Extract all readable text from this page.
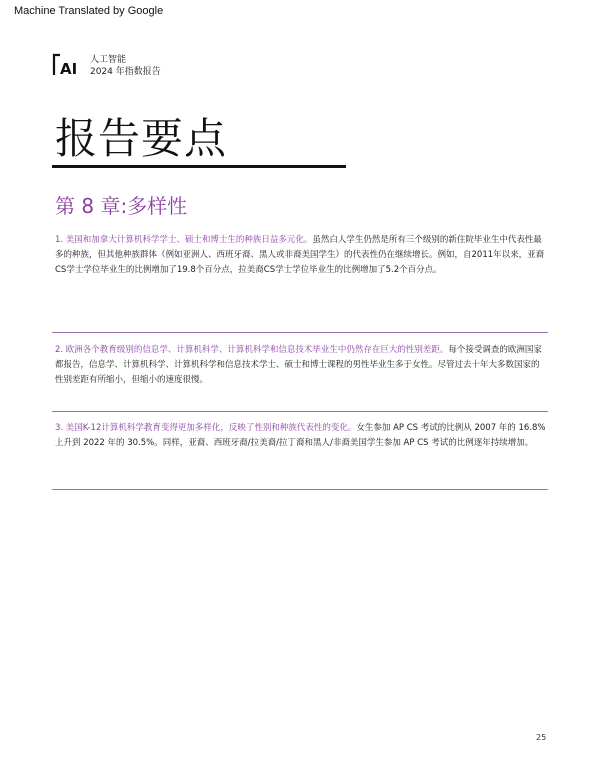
Machine Translated by Google
AI 人工智能
2024 年指数报告
报告要点
第 8 章:多样性
1. 美国和加拿大计算机科学学士、硕士和博士生的种族日益多元化。虽然白人学生仍然是所有三个级别的新住院毕业生中代表性最多的种族，但其他种族群体（例如亚洲人、西班牙裔、黑人或非裔美国学生）的代表性仍在继续增长。例如，自2011年以来，亚裔CS学士学位毕业生的比例增加了19.8个百分点，拉美裔CS学士学位毕业生的比例增加了5.2个百分点。
2. 欧洲各个教育级别的信息学、计算机科学、计算机科学和信息技术毕业生中仍然存在巨大的性别差距。每个接受调查的欧洲国家都报告，信息学、计算机科学、计算机科学和信息技术学士、硕士和博士课程的男性毕业生多于女性。尽管过去十年大多数国家的性别差距有所缩小，但缩小的速度很慢。
3. 美国K-12计算机科学教育变得更加多样化，反映了性别和种族代表性的变化。女生参加 AP CS 考试的比例从 2007 年的 16.8% 上升到 2022 年的 30.5%。同样，亚裔、西班牙裔/拉美裔/拉丁裔和黑人/非裔美国学生参加 AP CS 考试的比例逐年持续增加。
25
